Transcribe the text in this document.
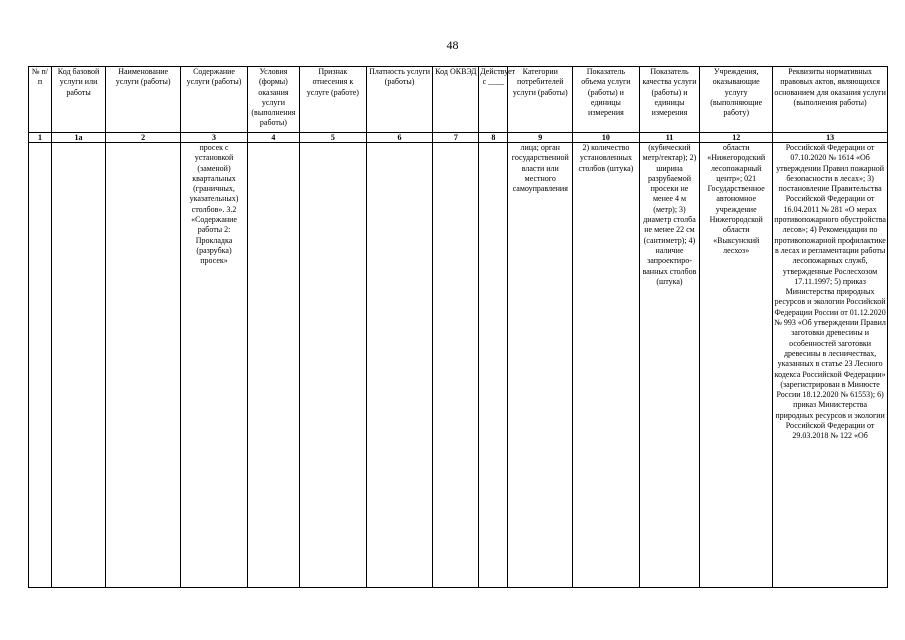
48
№ п/п	Код базовой услуги или работы	Наименование услуги (работы)	Содержание услуги (работы)	Условия (формы) оказания услуги (выполнения работы)	Признак отнесения к услуге (работе)	Платность услуги (работы)	Код ОКВЭД	Действует с ____	Категории потребителей услуги (работы)	Показатель объема услуги (работы) и единицы измерения	Показатель качества услуги (работы) и единицы измерения	Учреждения, оказывающие услугу (выполняющие работу)	Реквизиты нормативных правовых актов, являющихся основанием для оказания услуги (выполнения работы)
1	1а	2	3	4	5	6	7	8	9	10	11	12	13
			просек с установкой (заменой) квартальных (граничных, указательных) столбов». 3.2 «Содержание работы 2: Прокладка (разрубка) просек»						лица; орган государственной власти или местного самоуправления	2) количество установленных столбов (штука)	(кубический метр/гектар); 2) ширина разрубаемой просеки не менее 4 м (метр); 3) диаметр столба не менее 22 см (сантиметр); 4) наличие запроектиро-ванных столбов (штука)	области «Нижегородский лесопожарный центр»; 021 Государственное автономное учреждение Нижегородской области «Выксунский лесхоз»	Российской Федерации от 07.10.2020 № 1614 «Об утверждении Правил пожарной безопасности в лесах»; 3) постановление Правительства Российской Федерации от 16.04.2011 № 281 «О мерах противопожарного обустройства лесов»; 4) Рекомендации по противопожарной профилактике в лесах и регламентации работы лесопожарных служб, утвержденные Рослесхозом 17.11.1997; 5) приказ Министерства природных ресурсов и экологии Российской Федерации России от 01.12.2020 № 993 «Об утверждении Правил заготовки древесины и особенностей заготовки древесины в лесничествах, указанных в статье 23 Лесного кодекса Российской Федерации» (зарегистрирован в Минюсте России 18.12.2020 № 61553); 6) приказ Министерства природных ресурсов и экологии Российской Федерации от 29.03.2018 № 122 «Об
